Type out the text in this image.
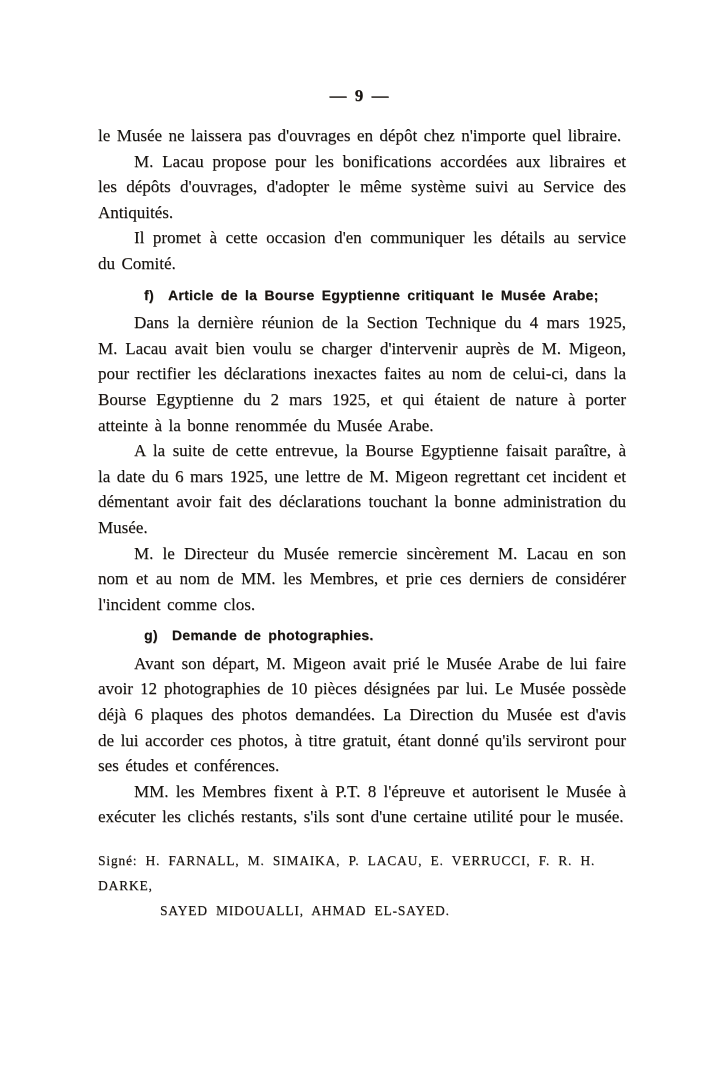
— 9 —

le Musée ne laissera pas d'ouvrages en dépôt chez n'importe quel libraire.

M. Lacau propose pour les bonifications accordées aux libraires et les dépôts d'ouvrages, d'adopter le même système suivi au Service des Antiquités.

Il promet à cette occasion d'en communiquer les détails au service du Comité.

f) Article de la Bourse Egyptienne critiquant le Musée Arabe;

Dans la dernière réunion de la Section Technique du 4 mars 1925, M. Lacau avait bien voulu se charger d'intervenir auprès de M. Migeon, pour rectifier les déclarations inexactes faites au nom de celui-ci, dans la Bourse Egyptienne du 2 mars 1925, et qui étaient de nature à porter atteinte à la bonne renommée du Musée Arabe.

A la suite de cette entrevue, la Bourse Egyptienne faisait paraître, à la date du 6 mars 1925, une lettre de M. Migeon regrettant cet incident et démentant avoir fait des déclarations touchant la bonne administration du Musée.

M. le Directeur du Musée remercie sincèrement M. Lacau en son nom et au nom de MM. les Membres, et prie ces derniers de considérer l'incident comme clos.

g) Demande de photographies.

Avant son départ, M. Migeon avait prié le Musée Arabe de lui faire avoir 12 photographies de 10 pièces désignées par lui. Le Musée possède déjà 6 plaques des photos demandées. La Direction du Musée est d'avis de lui accorder ces photos, à titre gratuit, étant donné qu'ils serviront pour ses études et conférences.

MM. les Membres fixent à P.T. 8 l'épreuve et autorisent le Musée à exécuter les clichés restants, s'ils sont d'une certaine utilité pour le musée.

Signé: H. FARNALL, M. SIMAIKA, P. LACAU, E. VERRUCCI, F. R. H. DARKE,
SAYED MIDOUALLI, AHMAD EL-SAYED.
